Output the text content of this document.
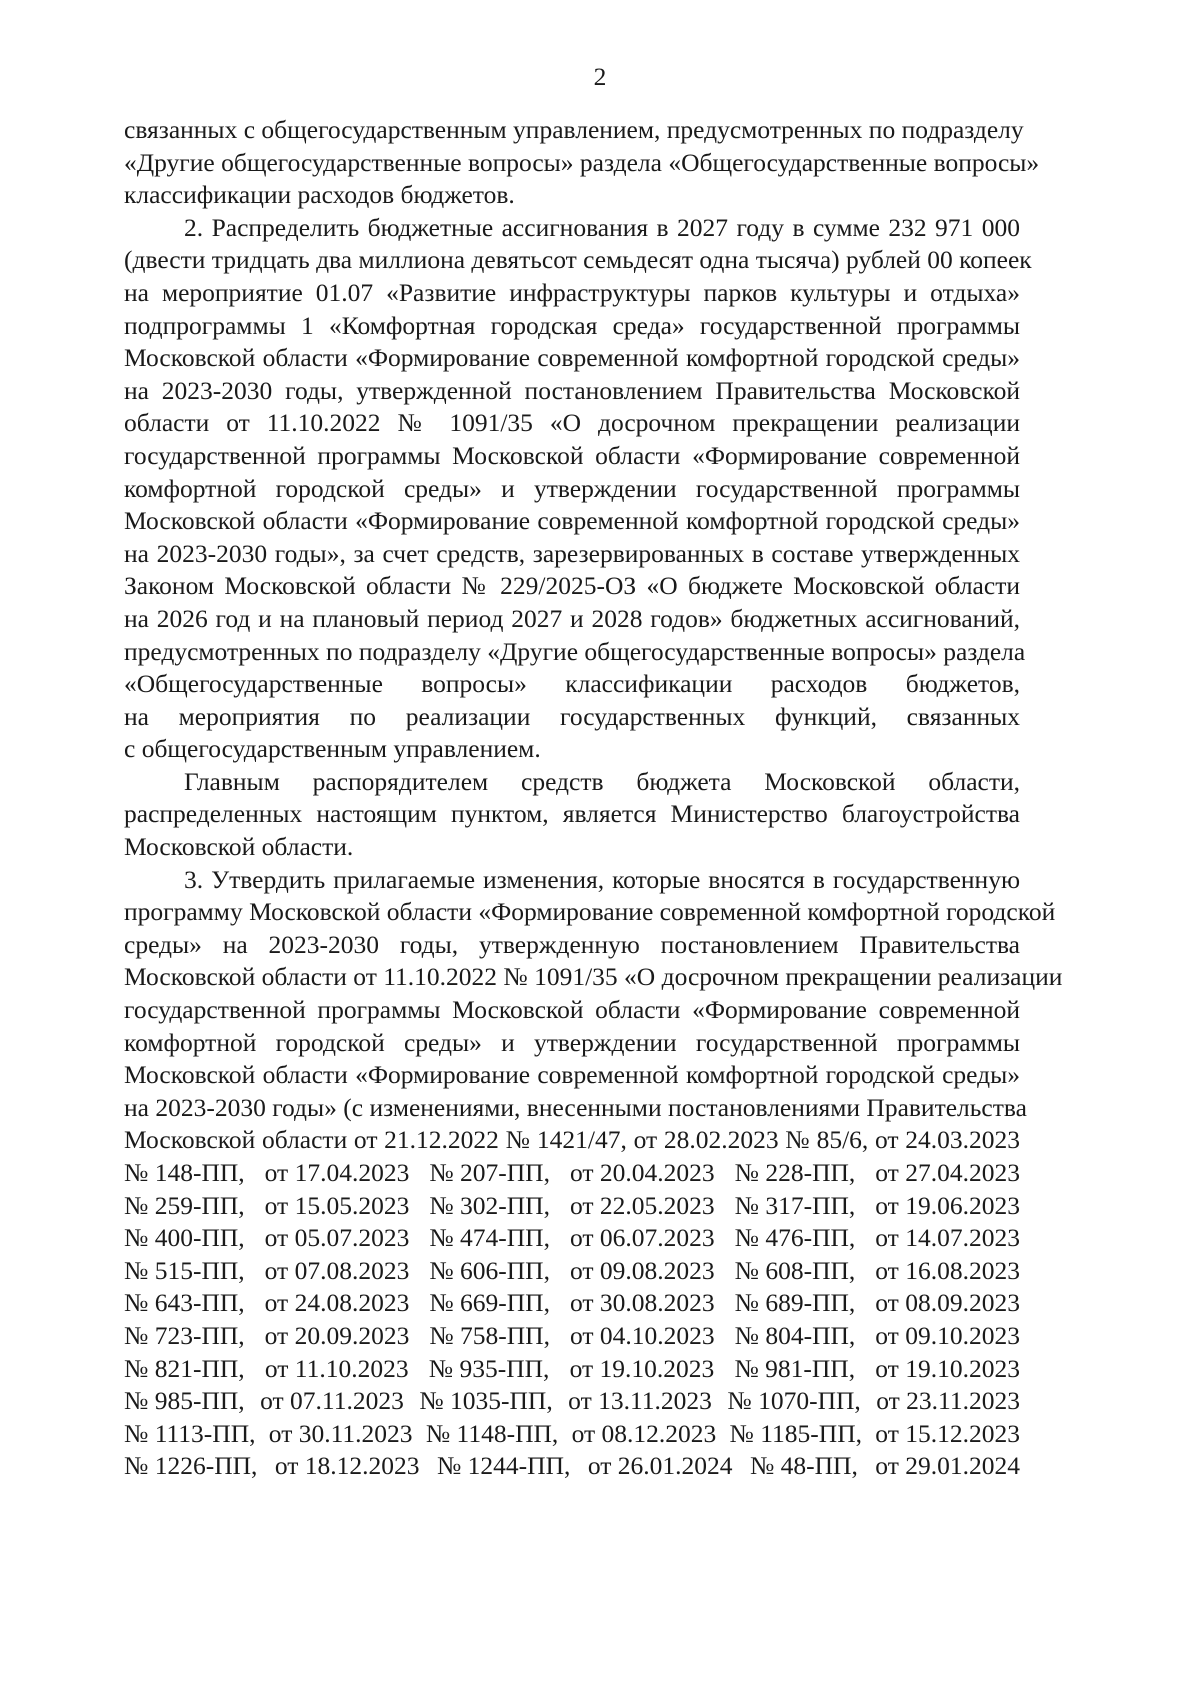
2
связанных с общегосударственным управлением, предусмотренных по подразделу
«Другие общегосударственные вопросы» раздела «Общегосударственные вопросы»
классификации расходов бюджетов.
2. Распределить бюджетные ассигнования в 2027 году в сумме 232 971 000
(двести тридцать два миллиона девятьсот семьдесят одна тысяча) рублей 00 копеек
на мероприятие 01.07 «Развитие инфраструктуры парков культуры и отдыха»
подпрограммы 1 «Комфортная городская среда» государственной программы
Московской области «Формирование современной комфортной городской среды»
на 2023-2030 годы, утвержденной постановлением Правительства Московской
области от 11.10.2022 № 1091/35 «О досрочном прекращении реализации
государственной программы Московской области «Формирование современной
комфортной городской среды» и утверждении государственной программы
Московской области «Формирование современной комфортной городской среды»
на 2023-2030 годы», за счет средств, зарезервированных в составе утвержденных
Законом Московской области № 229/2025-ОЗ «О бюджете Московской области
на 2026 год и на плановый период 2027 и 2028 годов» бюджетных ассигнований,
предусмотренных по подразделу «Другие общегосударственные вопросы» раздела
«Общегосударственные вопросы» классификации расходов бюджетов,
на мероприятия по реализации государственных функций, связанных
с общегосударственным управлением.
Главным распорядителем средств бюджета Московской области,
распределенных настоящим пунктом, является Министерство благоустройства
Московской области.
3. Утвердить прилагаемые изменения, которые вносятся в государственную
программу Московской области «Формирование современной комфортной городской
среды» на 2023-2030 годы, утвержденную постановлением Правительства
Московской области от 11.10.2022 № 1091/35 «О досрочном прекращении реализации
государственной программы Московской области «Формирование современной
комфортной городской среды» и утверждении государственной программы
Московской области «Формирование современной комфортной городской среды»
на 2023-2030 годы» (с изменениями, внесенными постановлениями Правительства
Московской области от 21.12.2022 № 1421/47, от 28.02.2023 № 85/6, от 24.03.2023
№ 148-ПП, от 17.04.2023 № 207-ПП, от 20.04.2023 № 228-ПП, от 27.04.2023
№ 259-ПП, от 15.05.2023 № 302-ПП, от 22.05.2023 № 317-ПП, от 19.06.2023
№ 400-ПП, от 05.07.2023 № 474-ПП, от 06.07.2023 № 476-ПП, от 14.07.2023
№ 515-ПП, от 07.08.2023 № 606-ПП, от 09.08.2023 № 608-ПП, от 16.08.2023
№ 643-ПП, от 24.08.2023 № 669-ПП, от 30.08.2023 № 689-ПП, от 08.09.2023
№ 723-ПП, от 20.09.2023 № 758-ПП, от 04.10.2023 № 804-ПП, от 09.10.2023
№ 821-ПП, от 11.10.2023 № 935-ПП, от 19.10.2023 № 981-ПП, от 19.10.2023
№ 985-ПП, от 07.11.2023 № 1035-ПП, от 13.11.2023 № 1070-ПП, от 23.11.2023
№ 1113-ПП, от 30.11.2023 № 1148-ПП, от 08.12.2023 № 1185-ПП, от 15.12.2023
№ 1226-ПП, от 18.12.2023 № 1244-ПП, от 26.01.2024 № 48-ПП, от 29.01.2024
